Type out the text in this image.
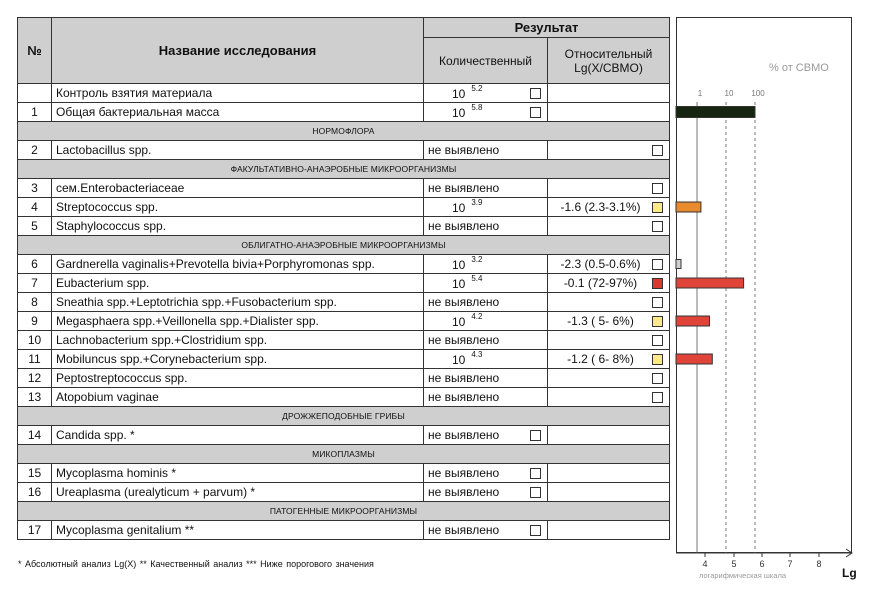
№	Название исследования	Результат	
		Количественный	Относительный
Lg(X/СВМО)

	Контроль взятия материала	10 $^{5.2}$

1	Общая бактериальная масса	10 $^{5.8}$

НОРМОФЛОРА			
2	Lactobacillus spp.	не выявлено	

ФАКУЛЬТАТИВНО-АНАЭРОБНЫЕ МИКРООРГАНИЗМЫ			
3	сем.Enterobacteriaceae	не выявлено	

4	Streptococcus spp.	10 $^{3.9}$	-1.6 (2.3-3.1%)

5	Staphylococcus spp.	не выявлено	

ОБЛИГАТНО-АНАЭРОБНЫЕ МИКРООРГАНИЗМЫ			
6	Gardnerella vaginalis+Prevotella bivia+Porphyromonas spp.	10 $^{3.2}$	-2.3 (0.5-0.6%)

7	Eubacterium spp.	10 $^{5.4}$	-0.1 (72-97%)

8	Sneathia spp.+Leptotrichia spp.+Fusobacterium spp.	не выявлено	

9	Megasphaera spp.+Veillonella spp.+Dialister spp.	10 $^{4.2}$	-1.3 ( 5- 6%)

10	Lachnobacterium spp.+Clostridium spp.	не выявлено	

11	Mobiluncus spp.+Corynebacterium spp.	10 $^{4.3}$	-1.2 ( 6- 8%)

12	Peptostreptococcus spp.	не выявлено	

13	Atopobium vaginae	не выявлено	

ДРОЖЖЕПОДОБНЫЕ ГРИБЫ			
14	Candida spp. *	не выявлено

МИКОПЛАЗМЫ			
15	Mycoplasma hominis *	не выявлено

16	Ureaplasma (urealyticum + parvum) *	не выявлено

ПАТОГЕННЫЕ МИКРООРГАНИЗМЫ			
17	Mycoplasma genitalium **	не выявлено

1	10 100
4	5	6	7	8
% от СВМО
логарифмическая шкала	Lg
* Абсолютный анализ Lg(X) ** Качественный анализ *** Ниже порогового значения
